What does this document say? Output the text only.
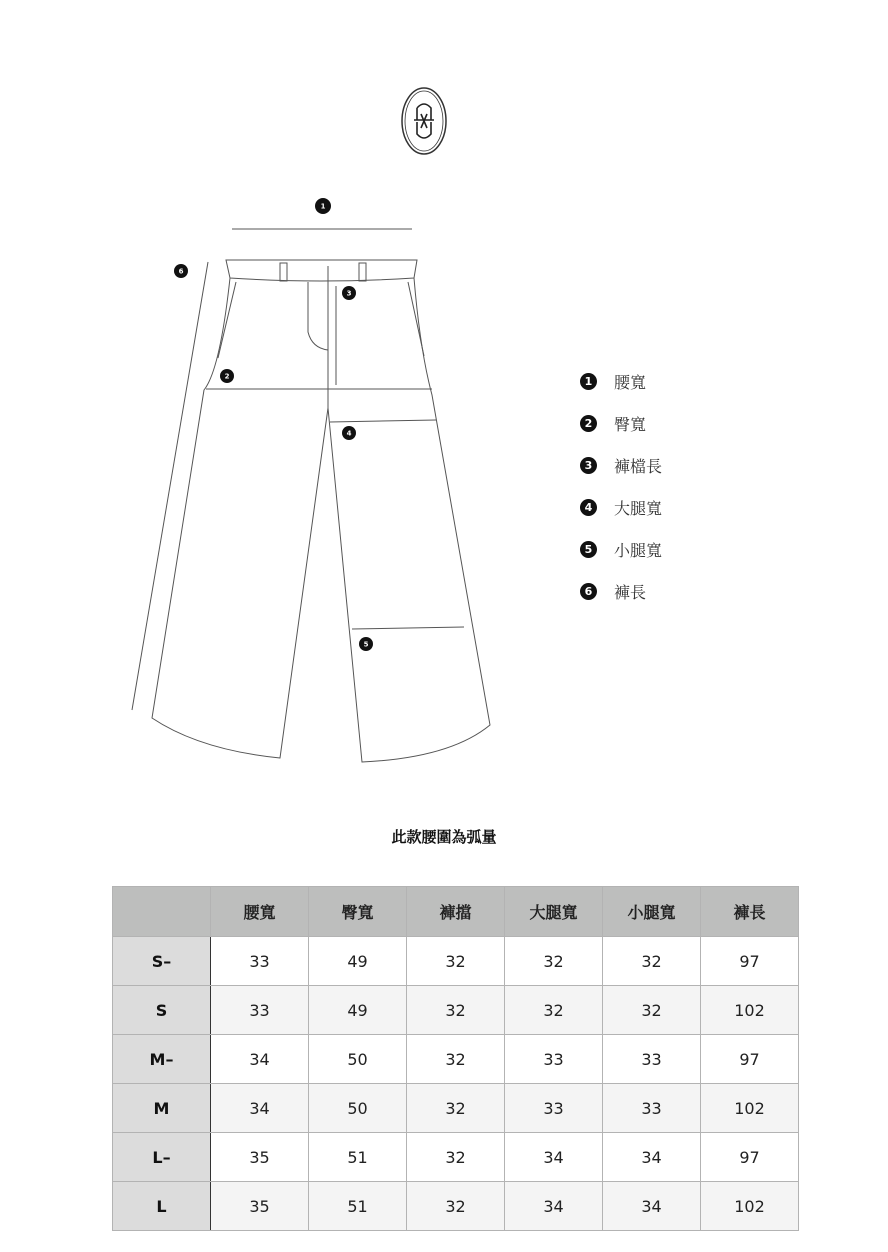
1
6
3
2
4
5
1 腰寬
2 臀寬
3 褲檔長
4 大腿寬
5 小腿寬
6 褲長
此款腰圍為弧量
	腰寬	臀寬	褲擋	大腿寬	小腿寬	褲長
S–	33	49	32	32	32	97
S	33	49	32	32	32	102
M–	34	50	32	33	33	97
M	34	50	32	33	33	102
L–	35	51	32	34	34	97
L	35	51	32	34	34	102
